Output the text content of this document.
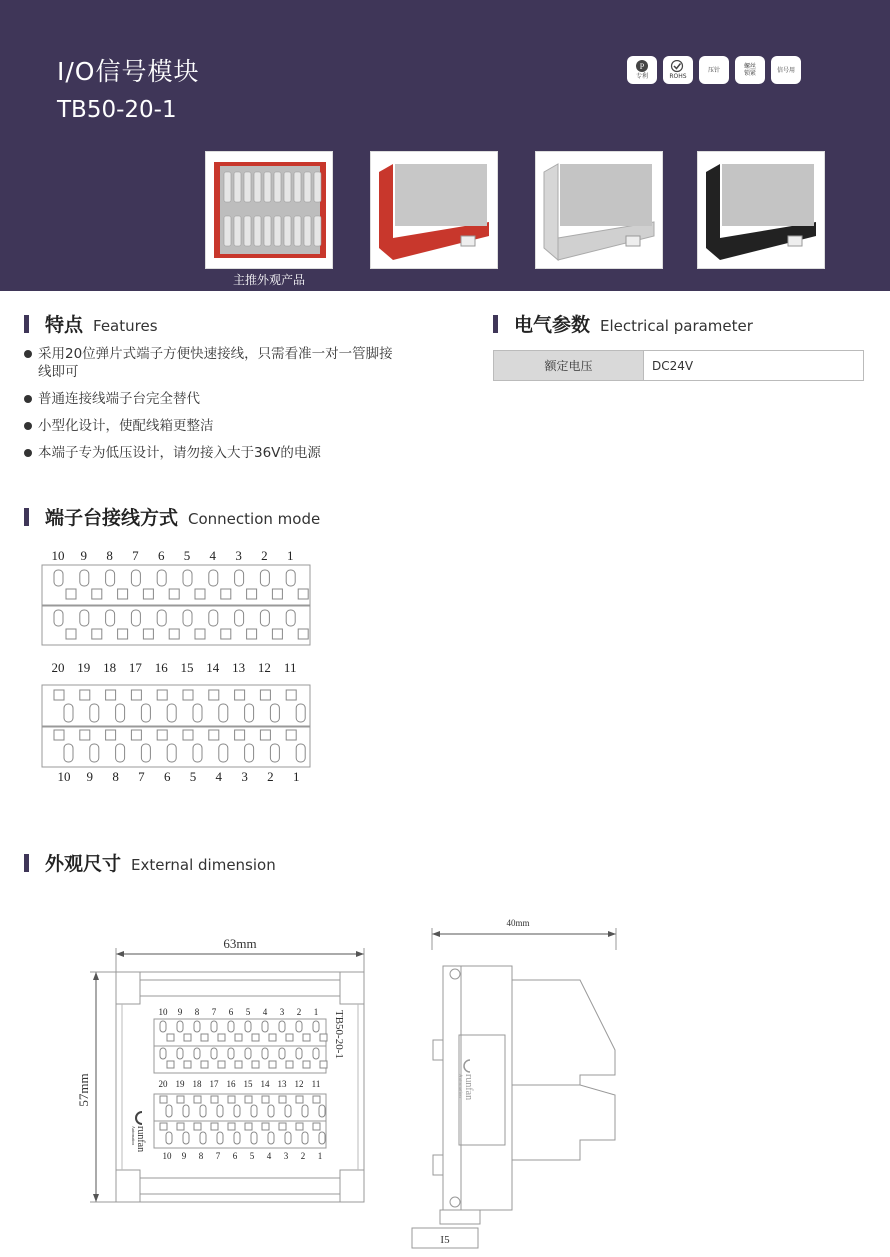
I/O信号模块
TB50-20-1
P
专利	ROHS
压针	螺丝锁紧	信号用
主推外观产品
特点 Features
采用20位弹片式端子方便快速接线，只需看准一对一管脚接线即可
普通连接线端子台完全替代
小型化设计，使配线箱更整洁
本端子专为低压设计，请勿接入大于36V的电源
电气参数 Electrical parameter
额定电压	DC24V
端子台接线方式 Connection mode
10 9 8 7 6 5 4 3 2 1
20 19 18 17 16 15 14 13 12 11
10 9 8 7 6 5 4 3 2 1
外观尺寸 External dimension
63mm
57mm
TB50-20-1
10 9 8 7 6 5 4 3 2 1
20 19 18 17 16 15 14 13 12 11
10 9 8 7 6 5 4 3 2 1
runfan
Automation
40mm
runfan
Automation
I5
